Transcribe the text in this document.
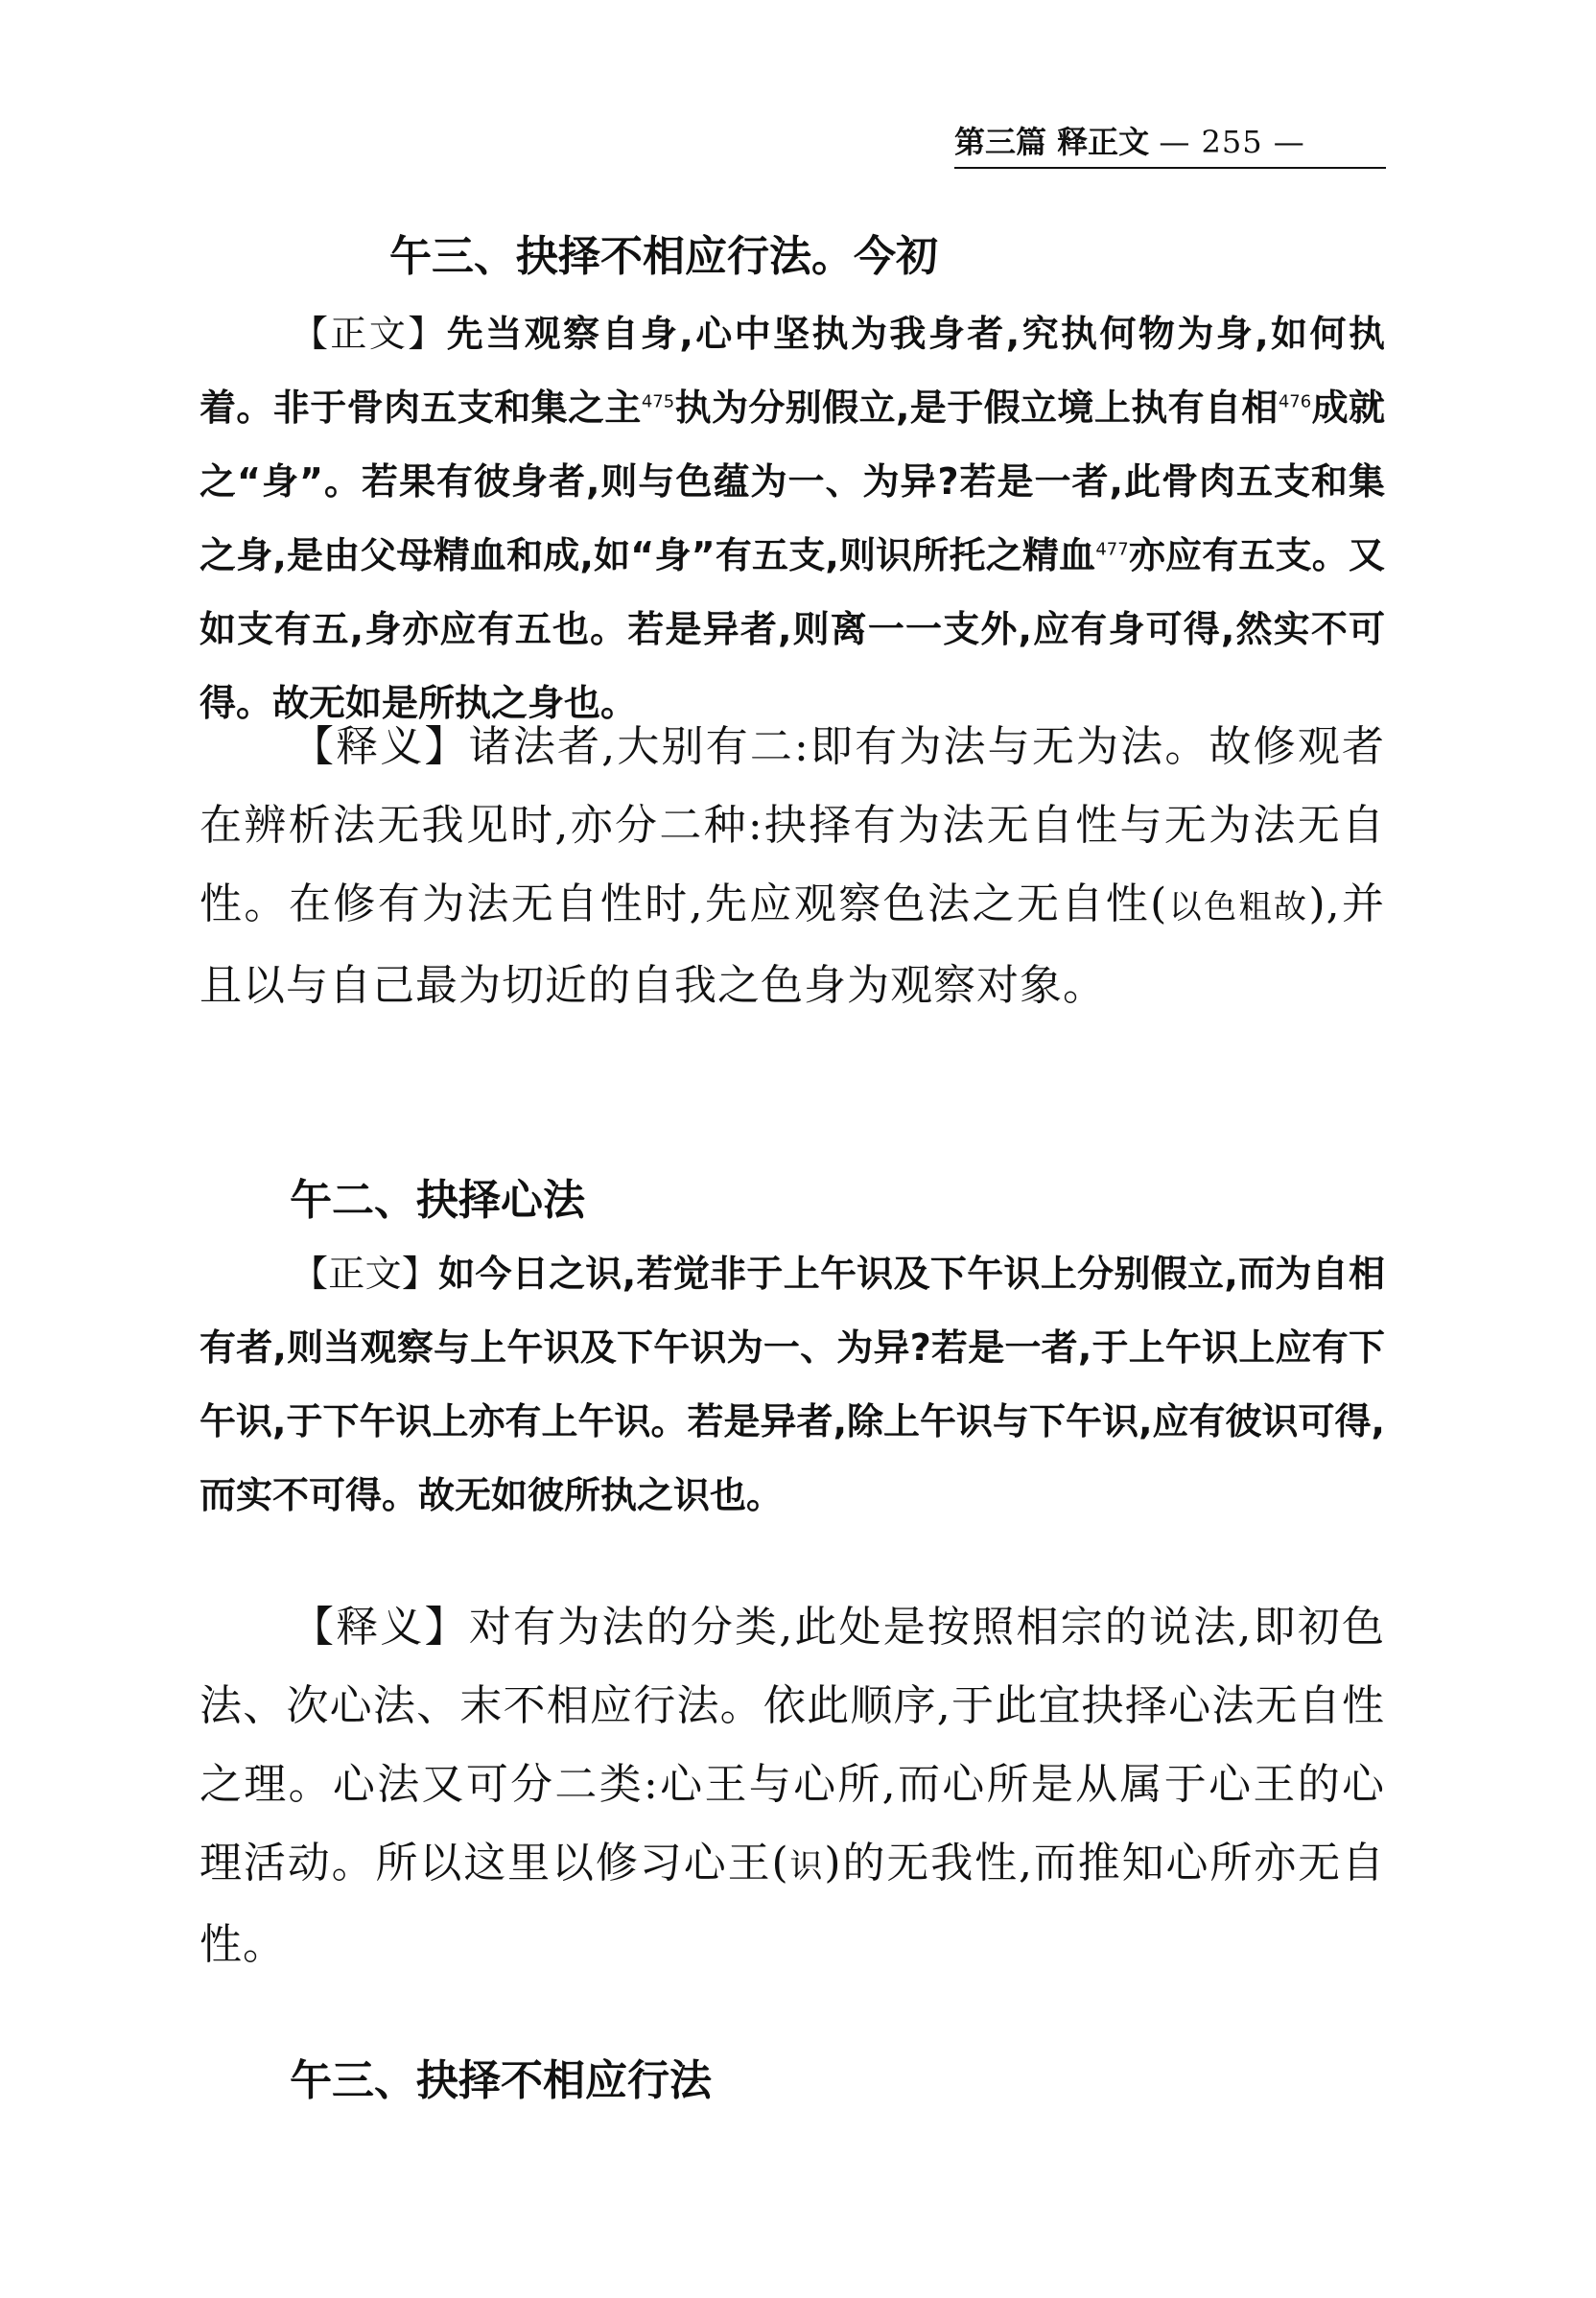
第三篇 释正文 — 255 —
午三、抉择不相应行法。今初

【正文】先当观察自身,心中坚执为我身者,究执何物为身,如何执着。非于骨肉五支和集之主$^{475}$执为分别假立,是于假立境上执有自相$^{476}$成就之“身”。若果有彼身者,则与色蕴为一、为异?若是一者,此骨肉五支和集之身,是由父母精血和成,如“身”有五支,则识所托之精血$^{477}$亦应有五支。又如支有五,身亦应有五也。若是异者,则离一一支外,应有身可得,然实不可得。故无如是所执之身也。

【释义】诸法者,大别有二:即有为法与无为法。故修观者在辨析法无我见时,亦分二种:抉择有为法无自性与无为法无自性。在修有为法无自性时,先应观察色法之无自性(以色粗故),并且以与自己最为切近的自我之色身为观察对象。

午二、抉择心法

【正文】如今日之识,若觉非于上午识及下午识上分别假立,而为自相有者,则当观察与上午识及下午识为一、为异?若是一者,于上午识上应有下午识,于下午识上亦有上午识。若是异者,除上午识与下午识,应有彼识可得,而实不可得。故无如彼所执之识也。

【释义】对有为法的分类,此处是按照相宗的说法,即初色法、次心法、末不相应行法。依此顺序,于此宜抉择心法无自性之理。心法又可分二类:心王与心所,而心所是从属于心王的心理活动。所以这里以修习心王(识)的无我性,而推知心所亦无自性。

午三、抉择不相应行法
